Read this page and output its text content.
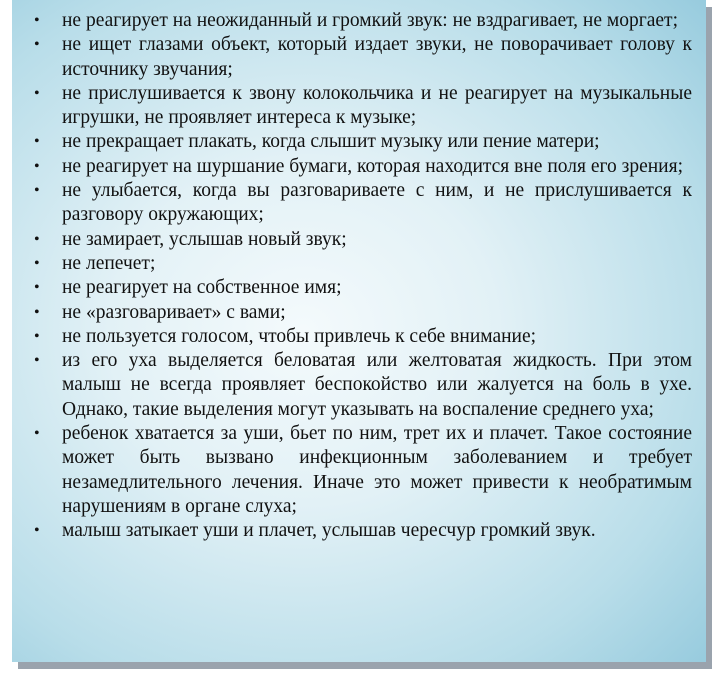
• не реагирует на неожиданный и громкий звук: не вздрагивает, не моргает;
• не ищет глазами объект, который издает звуки, не поворачивает голову к источнику звучания;
• не прислушивается к звону колокольчика и не реагирует на музыкальные игрушки, не проявляет интереса к музыке;
• не прекращает плакать, когда слышит музыку или пение матери;
• не реагирует на шуршание бумаги, которая находится вне поля его зрения;
• не улыбается, когда вы разговариваете с ним, и не прислушивается к разговору окружающих;
• не замирает, услышав новый звук;
• не лепечет;
• не реагирует на собственное имя;
• не «разговаривает» с вами;
• не пользуется голосом, чтобы привлечь к себе внимание;
• из его уха выделяется беловатая или желтоватая жидкость. При этом малыш не всегда проявляет беспокойство или жалуется на боль в ухе. Однако, такие выделения могут указывать на воспаление среднего уха;
• ребенок хватается за уши, бьет по ним, трет их и плачет. Такое состояние может быть вызвано инфекционным заболеванием и требует незамедлительного лечения. Иначе это может привести к необратимым нарушениям в органе слуха;
• малыш затыкает уши и плачет, услышав чересчур громкий звук.
